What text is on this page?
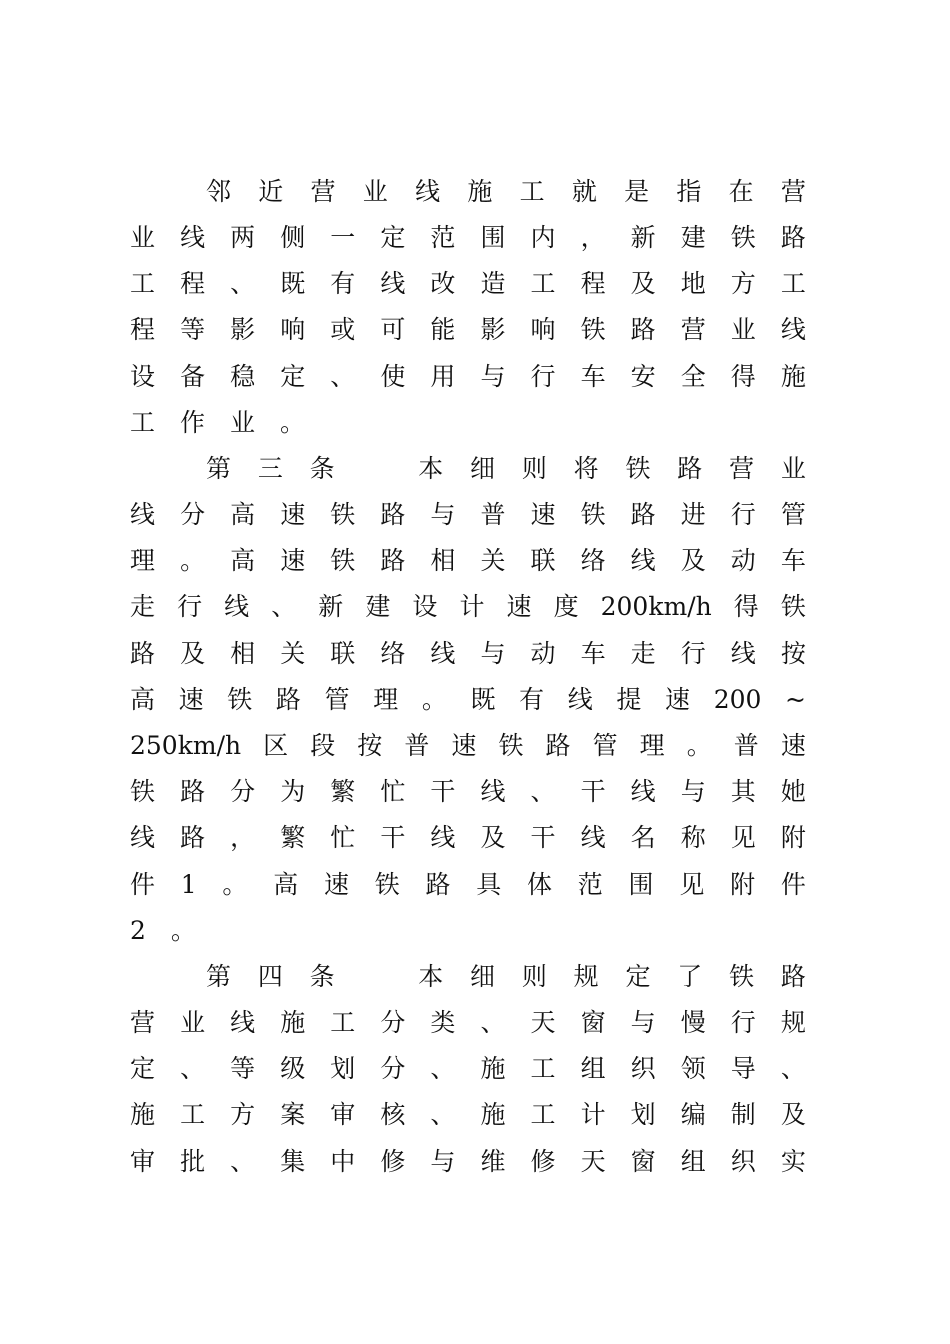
邻 近 营 业 线 施 工 就 是 指 在 营
业 线 两 侧 一 定 范 围 内 ， 新 建 铁 路
工 程 、 既 有 线 改 造 工 程 及 地 方 工
程 等 影 响 或 可 能 影 响 铁 路 营 业 线
设 备 稳 定 、 使 用 与 行 车 安 全 得 施
工 作 业 。
第 三 条	本 细 则 将 铁 路 营 业
线 分 高 速 铁 路 与 普 速 铁 路 进 行 管
理 。 高 速 铁 路 相 关 联 络 线 及 动 车
走 行 线 、 新 建 设 计 速 度 200km/h 得 铁
路 及 相 关 联 络 线 与 动 车 走 行 线 按
高 速 铁 路 管 理 。 既 有 线 提 速 200 ~
250km/h 区 段 按 普 速 铁 路 管 理 。 普 速
铁 路 分 为 繁 忙 干 线 、 干 线 与 其 她
线 路 ， 繁 忙 干 线 及 干 线 名 称 见 附
件 1 。 高 速 铁 路 具 体 范 围 见 附 件
2 。
第 四 条	本 细 则 规 定 了 铁 路
营 业 线 施 工 分 类 、 天 窗 与 慢 行 规
定 、 等 级 划 分 、 施 工 组 织 领 导 、
施 工 方 案 审 核 、 施 工 计 划 编 制 及
审 批 、 集 中 修 与 维 修 天 窗 组 织 实
